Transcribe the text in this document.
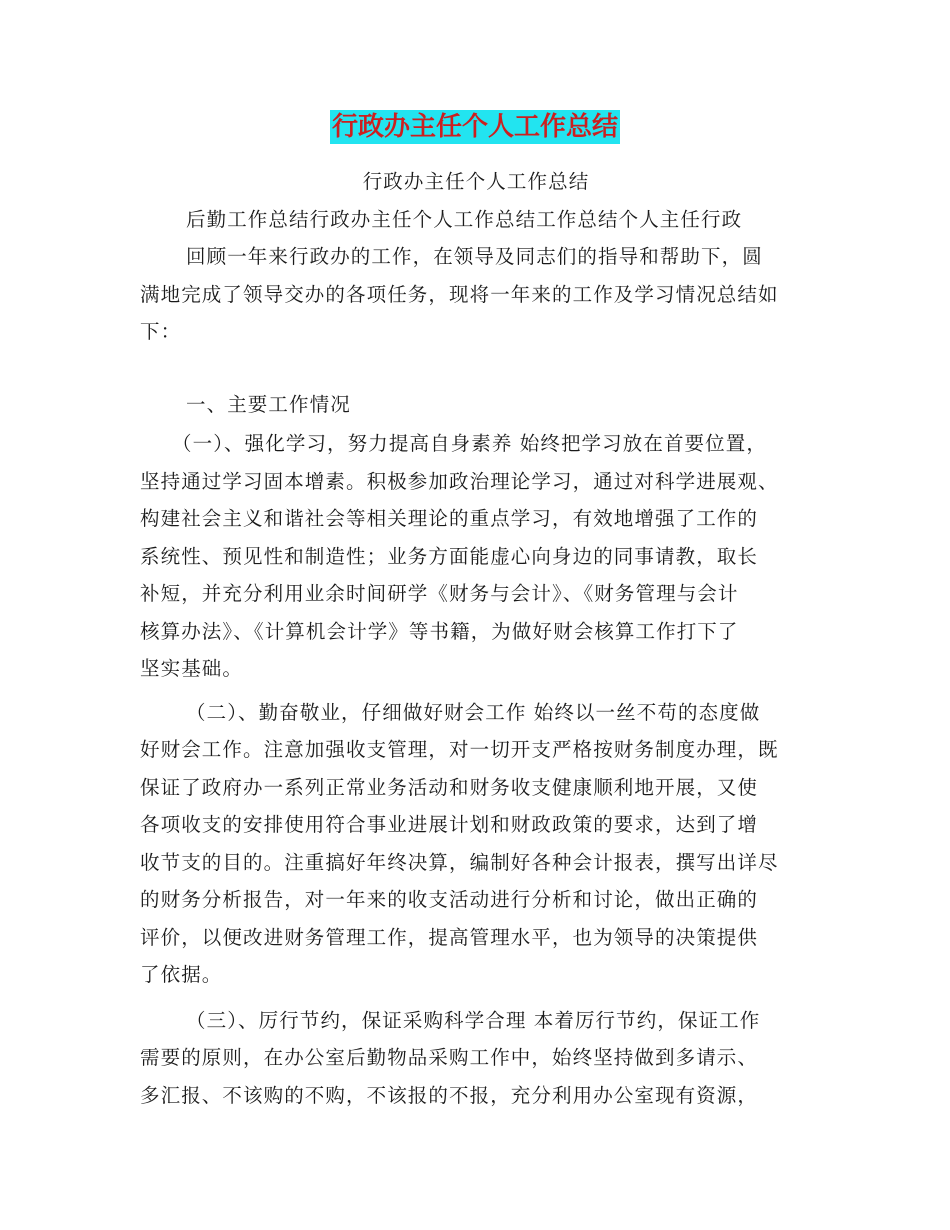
行政办主任个人工作总结
行政办主任个人工作总结
后勤工作总结行政办主任个人工作总结工作总结个人主任行政
回顾一年来行政办的工作，在领导及同志们的指导和帮助下，圆
满地完成了领导交办的各项任务，现将一年来的工作及学习情况总结如
下：
一、主要工作情况
（一）、强化学习，努力提高自身素养 始终把学习放在首要位置，
坚持通过学习固本增素。积极参加政治理论学习，通过对科学进展观、
构建社会主义和谐社会等相关理论的重点学习，有效地增强了工作的
系统性、预见性和制造性；业务方面能虚心向身边的同事请教，取长
补短，并充分利用业余时间研学《财务与会计》、《财务管理与会计
核算办法》、《计算机会计学》等书籍，为做好财会核算工作打下了
坚实基础。
（二）、勤奋敬业，仔细做好财会工作 始终以一丝不苟的态度做
好财会工作。注意加强收支管理，对一切开支严格按财务制度办理，既
保证了政府办一系列正常业务活动和财务收支健康顺利地开展，又使
各项收支的安排使用符合事业进展计划和财政政策的要求，达到了增
收节支的目的。注重搞好年终决算，编制好各种会计报表，撰写出详尽
的财务分析报告，对一年来的收支活动进行分析和讨论，做出正确的
评价，以便改进财务管理工作，提高管理水平，也为领导的决策提供
了依据。
（三）、厉行节约，保证采购科学合理 本着厉行节约，保证工作
需要的原则，在办公室后勤物品采购工作中，始终坚持做到多请示、
多汇报、不该购的不购，不该报的不报，充分利用办公室现有资源，
